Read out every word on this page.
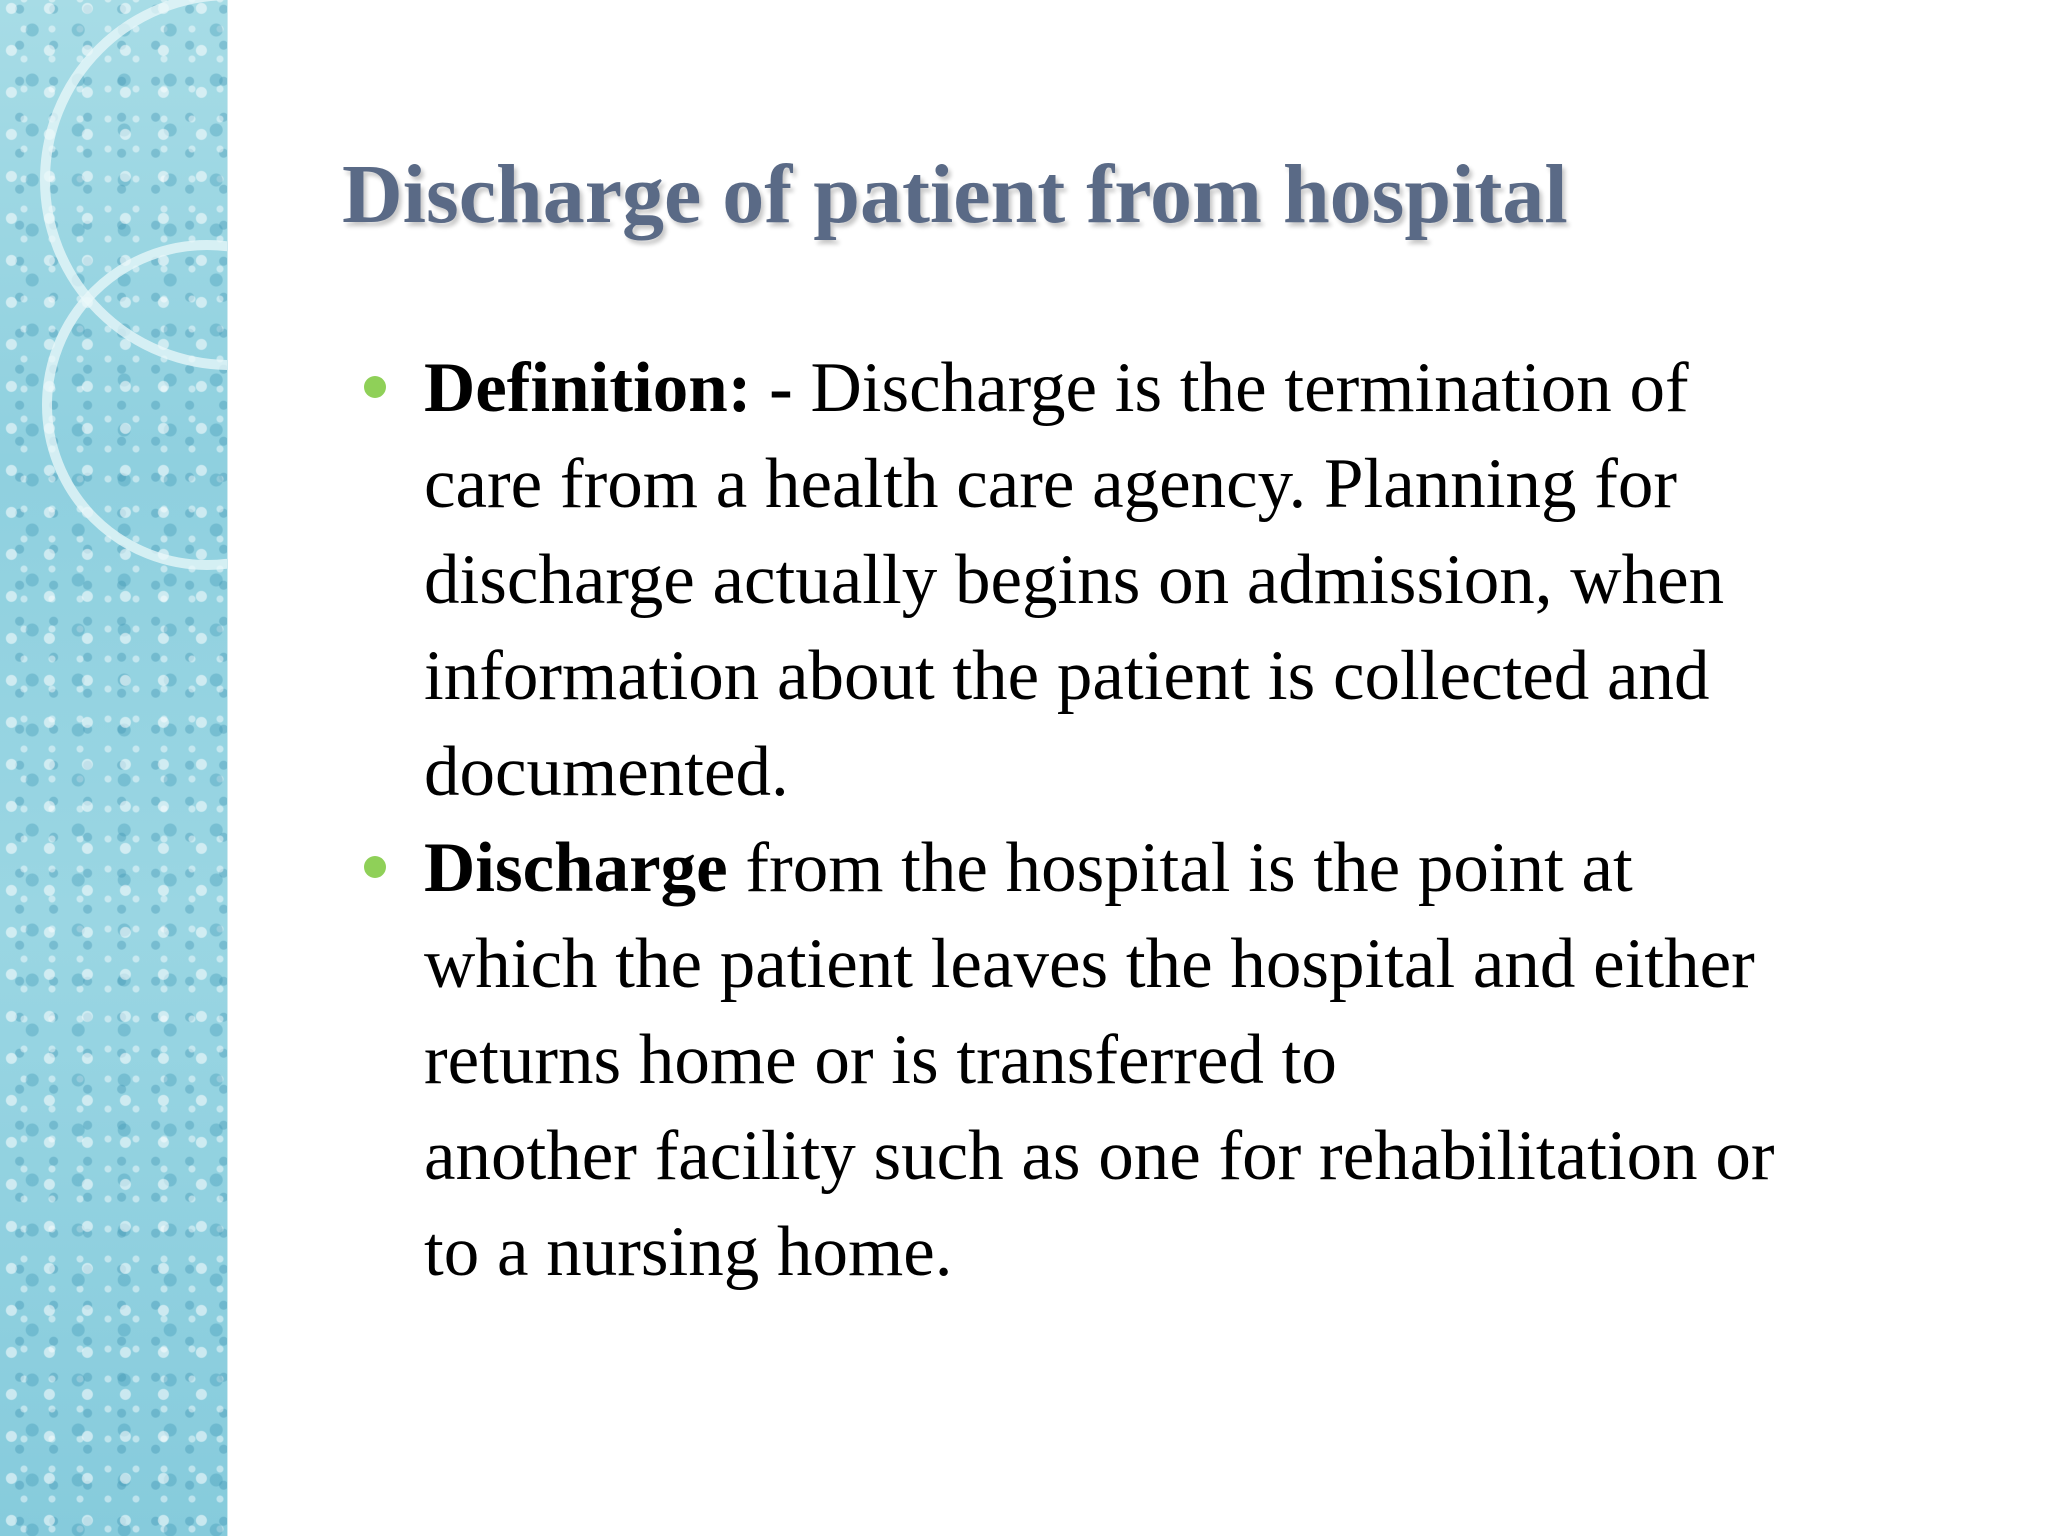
Discharge of patient from hospital
Definition: - Discharge is the termination of
care from a health care agency. Planning for
discharge actually begins on admission, when
information about the patient is collected and
documented.
Discharge from the hospital is the point at
which the patient leaves the hospital and either
returns home or is transferred to
another facility such as one for rehabilitation or
to a nursing home.
